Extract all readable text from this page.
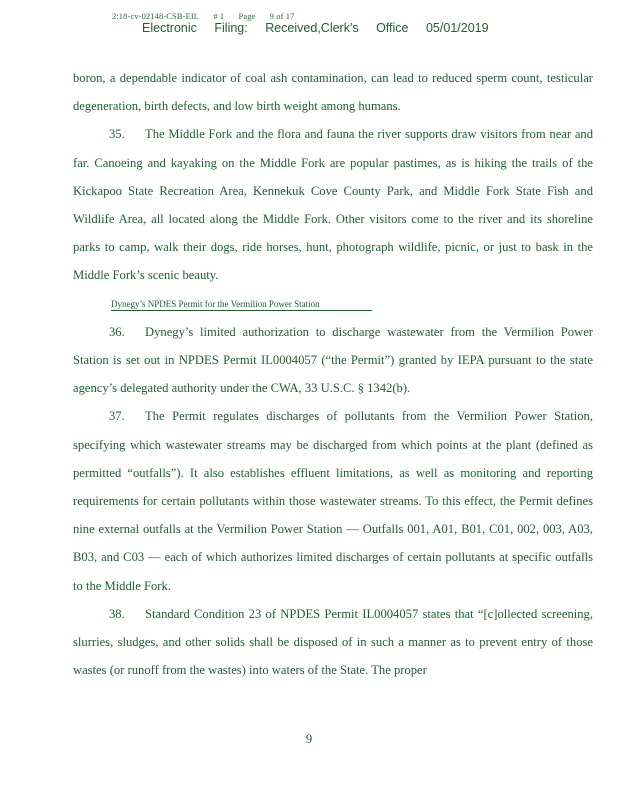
2:18-cv-02148-CSB-EIL # 1 Page 9 of 17
Electronic Filing: Received,Clerk's Office 05/01/2019

boron, a dependable indicator of coal ash contamination, can lead to reduced sperm count, testicular degeneration, birth defects, and low birth weight among humans.

35. The Middle Fork and the flora and fauna the river supports draw visitors from near and far. Canoeing and kayaking on the Middle Fork are popular pastimes, as is hiking the trails of the Kickapoo State Recreation Area, Kennekuk Cove County Park, and Middle Fork State Fish and Wildlife Area, all located along the Middle Fork. Other visitors come to the river and its shoreline parks to camp, walk their dogs, ride horses, hunt, photograph wildlife, picnic, or just to bask in the Middle Fork’s scenic beauty.

Dynegy’s NPDES Permit for the Vermilion Power Station

36. Dynegy’s limited authorization to discharge wastewater from the Vermilion Power Station is set out in NPDES Permit IL0004057 (“the Permit”) granted by IEPA pursuant to the state agency’s delegated authority under the CWA, 33 U.S.C. § 1342(b).

37. The Permit regulates discharges of pollutants from the Vermilion Power Station, specifying which wastewater streams may be discharged from which points at the plant (defined as permitted “outfalls”). It also establishes effluent limitations, as well as monitoring and reporting requirements for certain pollutants within those wastewater streams. To this effect, the Permit defines nine external outfalls at the Vermilion Power Station — Outfalls 001, A01, B01, C01, 002, 003, A03, B03, and C03 — each of which authorizes limited discharges of certain pollutants at specific outfalls to the Middle Fork.

38. Standard Condition 23 of NPDES Permit IL0004057 states that “[c]ollected screening, slurries, sludges, and other solids shall be disposed of in such a manner as to prevent entry of those wastes (or runoff from the wastes) into waters of the State. The proper

9
